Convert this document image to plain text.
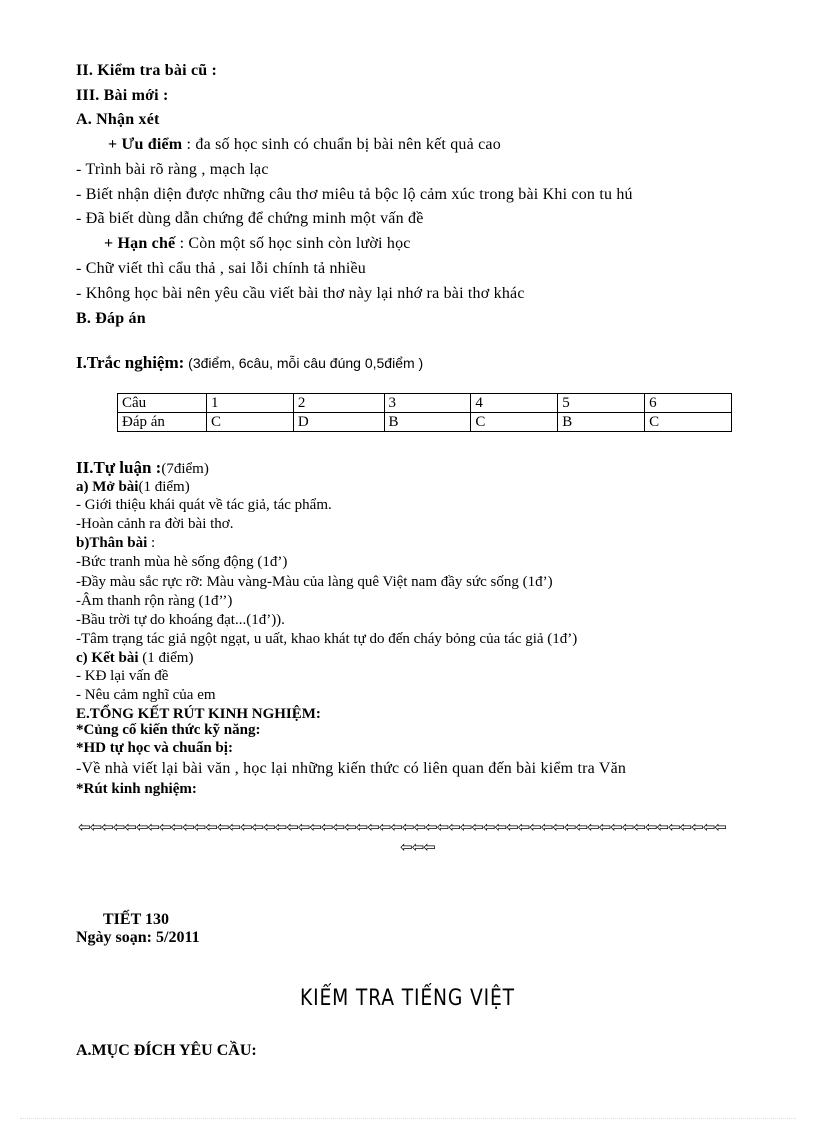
II. Kiểm tra bài cũ :
III. Bài mới :
A. Nhận xét
+ Ưu điểm : đa số học sinh có chuẩn bị bài nên kết quả cao
- Trình bài rõ ràng , mạch lạc
- Biết nhận diện được những câu thơ miêu tả bộc lộ cảm xúc trong bài Khi con tu hú
- Đã biết dùng dẫn chứng để chứng minh một vấn đề
+ Hạn chế : Còn một số học sinh còn lười học
- Chữ viết thì cẩu thả , sai lỗi chính tả nhiều
- Không học bài nên yêu cầu viết bài thơ này lại nhớ ra bài thơ khác
B. Đáp án
I.Trắc nghiệm: (3điểm, 6câu, mỗi câu đúng 0,5điểm )
Câu	1	2	3	4	5	6
Đáp án	C	D	B	C	B	C
II.Tự luận :(7điểm)
a) Mở bài(1 điểm)
- Giới thiệu khái quát về tác giả, tác phẩm.
-Hoàn cảnh ra đời bài thơ.
b)Thân bài :
-Bức tranh mùa hè sống động (1đ’)
-Đầy màu sắc rực rỡ: Màu vàng-Màu của làng quê Việt nam đầy sức sống (1đ’)
-Âm thanh rộn ràng (1đ’’)
-Bầu trời tự do khoáng đạt...(1đ’)).
-Tâm trạng tác giả ngột ngạt, u uất, khao khát tự do đến cháy bỏng của tác giả (1đ’)
c) Kết bài (1 điểm)
- KĐ lại vấn đề
- Nêu cảm nghĩ của em
E.TỔNG KẾT RÚT KINH NGHIỆM:
*Củng cố kiến thức kỹ năng:
*HD tự học và chuẩn bị:
-Về nhà viết lại bài văn , học lại những kiến thức có liên quan đến bài kiểm tra Văn
*Rút kinh nghiệm:
⇦⇦⇦⇦⇦⇦⇦⇦⇦⇦⇦⇦⇦⇦⇦⇦⇦⇦⇦⇦⇦⇦⇦⇦⇦⇦⇦⇦⇦⇦⇦⇦⇦⇦⇦⇦⇦⇦⇦⇦⇦⇦⇦⇦⇦⇦⇦⇦⇦⇦⇦⇦⇦⇦⇦⇦
⇦⇦⇦
TIẾT 130
Ngày soạn: 5/2011
KIỂM TRA TIẾNG VIỆT
A.MỤC ĐÍCH YÊU CẦU:
